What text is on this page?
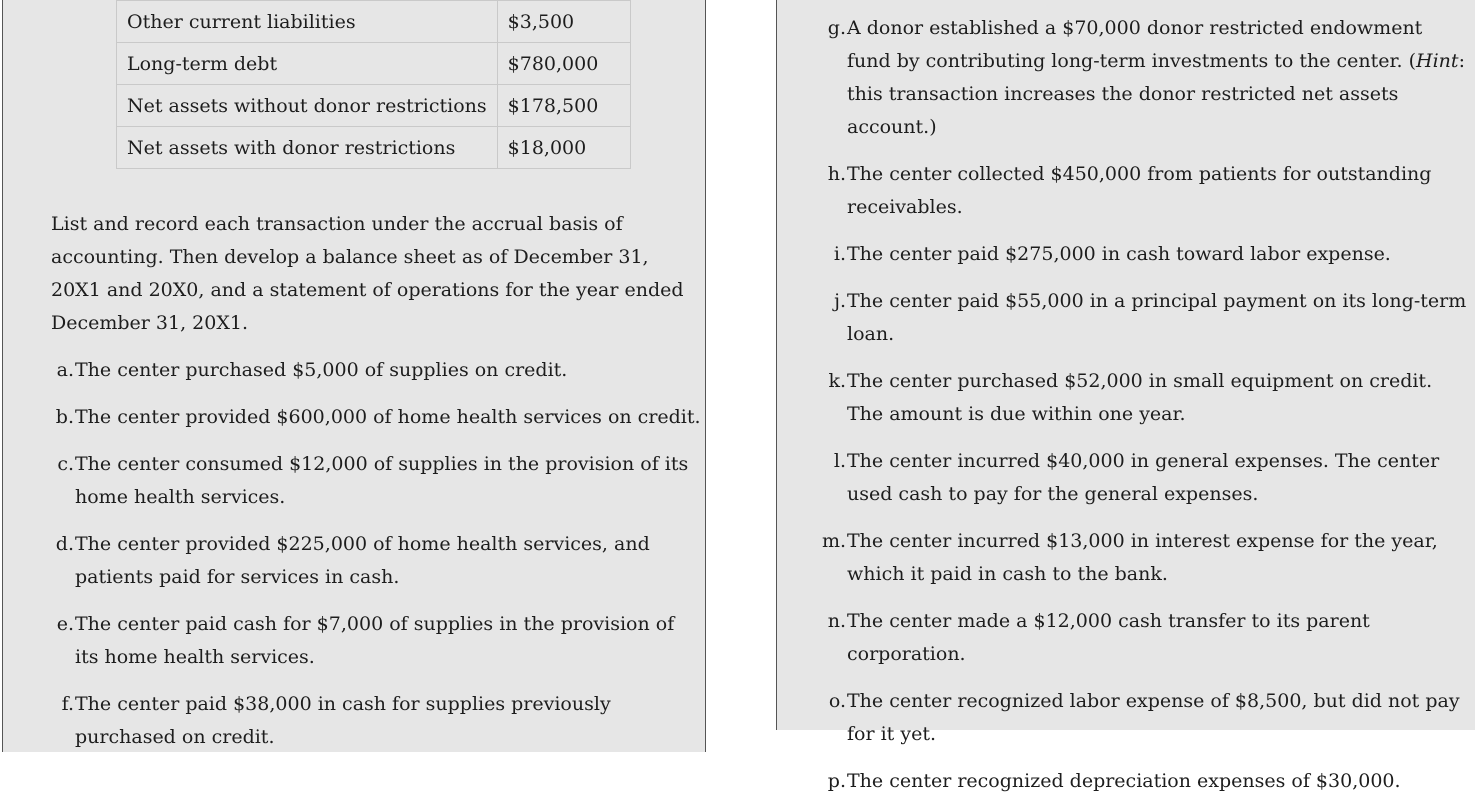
Other current liabilities	$3,500
Long-term debt	$780,000
Net assets without donor restrictions	$178,500
Net assets with donor restrictions	$18,000

List and record each transaction under the accrual basis of accounting. Then develop a balance sheet as of December 31, 20X1 and 20X0, and a statement of operations for the year ended December 31, 20X1.

a. The center purchased $5,000 of supplies on credit.
b. The center provided $600,000 of home health services on credit.
c. The center consumed $12,000 of supplies in the provision of its home health services.
d. The center provided $225,000 of home health services, and patients paid for services in cash.
e. The center paid cash for $7,000 of supplies in the provision of its home health services.
f. The center paid $38,000 in cash for supplies previously purchased on credit.
g. A donor established a $70,000 donor restricted endowment fund by contributing long-term investments to the center. (Hint: this transaction increases the donor restricted net assets account.)
h. The center collected $450,000 from patients for outstanding receivables.
i. The center paid $275,000 in cash toward labor expense.
j. The center paid $55,000 in a principal payment on its long-term loan.
k. The center purchased $52,000 in small equipment on credit. The amount is due within one year.
l. The center incurred $40,000 in general expenses. The center used cash to pay for the general expenses.
m. The center incurred $13,000 in interest expense for the year, which it paid in cash to the bank.
n. The center made a $12,000 cash transfer to its parent corporation.
o. The center recognized labor expense of $8,500, but did not pay for it yet.
p. The center recognized depreciation expenses of $30,000.
